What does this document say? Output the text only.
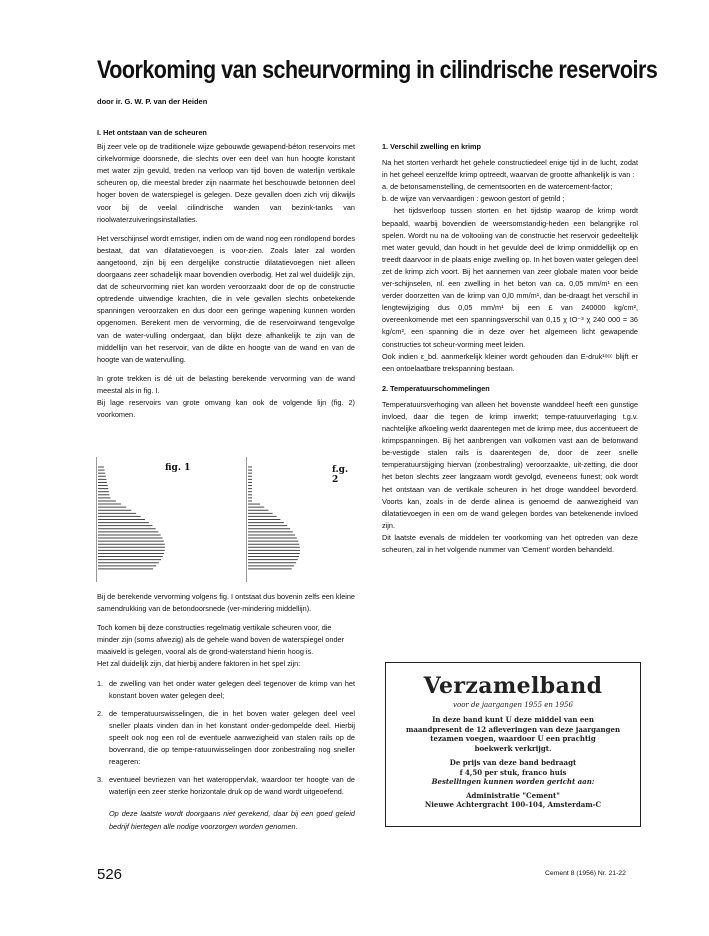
Voorkoming van scheurvorming in cilindrische reservoirs
door ir. G. W. P. van der Heiden
I. Het ontstaan van de scheuren

Bij zeer vele op de traditionele wijze gebouwde gewapend-béton reservoirs met cirkelvormige doorsnede, die slechts over een deel van hun hoogte konstant met water zijn gevuld, treden na verloop van tijd boven de waterlijn vertikale scheuren op, die meestal breder zijn naarmate het beschouwde betonnen deel hoger boven de waterspiegel is gelegen. Deze gevallen doen zich vrij dikwijls voor bij de veelal cilindrische wanden van bezink-tanks van rioolwaterzuiveringsinstallaties.

Het verschijnsel wordt ernstiger, indien om de wand nog een rondlopend bordes bestaat, dat van dilatatievoegen is voor-zien. Zoals later zal worden aangetoond, zijn bij een dergelijke constructie dilatatievoegen niet alleen doorgaans zeer schadelijk maar bovendien overbodig. Het zal wel duidelijk zijn, dat de scheurvorming niet kan worden veroorzaakt door de op de constructie optredende uitwendige krachten, die in vele gevallen slechts onbetekende spanningen veroorzaken en dus door een geringe wapening kunnen worden opgenomen. Berekent men de vervorming, die de reservoirwand tengevolge van de water-vulling ondergaat, dan blijkt deze afhankelijk te zijn van de middellijn van het reservoir, van de dikte en hoogte van de wand en van de hoogte van de watervulling.

In grote trekken is dé uit de belasting berekende vervorming van de wand meestal als in fig. I.

Bij lage reservoirs van grote omvang kan ook de volgende lijn (fig. 2) voorkomen.

fig. 1	f.g. 2

Bij de berekende vervorming volgens fig. I ontstaat dus bovenin zelfs een kleine samendrukking van de betondoorsnede (ver-mindering middellijn).

Toch komen bij deze constructies regelmatig vertikale scheuren voor, die minder zijn (soms afwezig) als de gehele wand boven de waterspiegel onder maaiveld is gelegen, vooral als de grond-waterstand hierin hoog is.
Het zal duidelijk zijn, dat hierbij andere faktoren in het spel zijn:

1. de zwelling van het onder water gelegen deel tegenover de krimp van het konstant boven water gelegen deel;
2. de temperatuurswisselingen, die in het boven water gelegen deel veel sneller plaats vinden dan in het konstant onder-gedompelde deel. Hierbij speelt ook nog een rol de eventuele aanwezigheid van stalen rails op de bovenrand, die op tempe-ratuurwisselingen door zonbestraling nog sneller reageren:
3. eventueel bevriezen van het wateroppervlak, waardoor ter hoogte van de waterlijn een zeer sterke horizontale druk op de wand wordt uitgeoefend.

Op deze laatste wordt doorgaans niet gerekend, daar bij een goed geleid bedrijf hiertegen alle nodige voorzorgen worden genomen.

1. Verschil zwelling en krimp
Na het storten verhardt het gehele constructiedeel enige tijd in de lucht, zodat in het geheel eenzelfde krimp optreedt, waarvan de grootte afhankelijk is van :
a. de betonsamenstelling, de cementsoorten en de watercement-factor;
b. de wijze van vervaardigen : gewoon gestort of getrild ;
het tijdsverloop tussen storten en het tijdstip waarop de krimp wordt bepaald, waarbij bovendien de weersomstandig-heden een belangrijke rol spelen. Wordt nu na de voltooiing van de constructie het reservoir gedeeltelijk met water gevuld, dan houdt in het gevulde deel de krimp onmiddellijk op en treedt daarvoor in de plaats enige zwelling op. In het boven water gelegen deel zet de krimp zich voort. Bij het aannemen van zeer globale maten voor beide ver-schijnselen, nl. een zwelling in het beton van ca. 0,05 mm/m¹ en een verder doorzetten van de krimp van 0,l0 mm/m¹, dan be-draagt het verschil in lengtewijziging dus 0,05 mm/m¹ bij een £ van 240000 kg/cm², overeenkomende met een spanningsverschil van 0,15 χ IO⁻³ χ 240 000 = 36 kg/cm², een spanning die in deze over het algemeen licht gewapende constructies tot scheur-vorming meet leiden.
Ook indien ε_bd. aanmerkelijk kleiner wordt gehouden dan E-druk¹ᵒᶜᶜ blijft er een ontoelaatbare trekspanning bestaan.
2. Temperatuurschommelingen
Temperatuursverhoging van alleen het bovenste wanddeel heeft een gunstige invloed, daar die tegen de krimp inwerkt; tempe-ratuurverlaging t.g.v. nachtelijke afkoeling werkt daarentegen met de krimp mee, dus accentueert de krimpspanningen. Bij het aanbrengen van volkomen vast aan de betonwand be-vestigde stalen rails is daarentegen de, door de zeer snelle temperatuurstijging hiervan (zonbestraling) veroorzaakte, uit-zetting, die door het beton slechts zeer langzaam wordt gevolgd, eveneens funest; ook wordt het ontstaan van de vertikale scheuren in het droge wanddeel bevorderd. Voorts kan, zoals in de derde alinea is genoemd de aanwezigheid van dilatatievoegen in een om de wand gelegen bordes van betekenende invloed zijn.
Dit laatste evenals de middelen ter voorkoming van het optreden van deze scheuren, zal in het volgende nummer van 'Cement' worden behandeld.
Verzamelband
voor de jaargangen 1955 en 1956
In deze band kunt U deze middel van een
maandpresent de 12 afleveringen van deze jaargangen
tezamen voegen, waardoor U een prachtig
boekwerk verkrijgt.
De prijs van deze band bedraagt
f 4,50 per stuk, franco huis
Bestellingen kunnen worden gericht aan:
Administratie "Cement"
Nieuwe Achtergracht 100-104, Amsterdam-C
526	Cement 8 (1956) Nr. 21-22
